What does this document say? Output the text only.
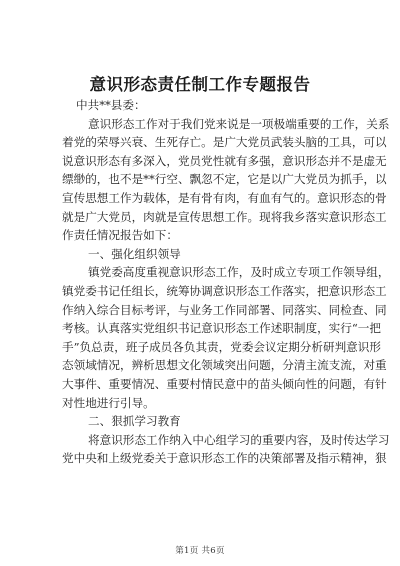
意识形态责任制工作专题报告
中共**县委：
意识形态工作对于我们党来说是一项极端重要的工作，关系
着党的荣辱兴衰、生死存亡。是广大党员武装头脑的工具，可以
说意识形态有多深入，党员党性就有多强，意识形态并不是虚无
缥缈的，也不是**行空、飘忽不定，它是以广大党员为抓手，以
宣传思想工作为载体，是有骨有肉，有血有气的。意识形态的骨
就是广大党员，肉就是宣传思想工作。现将我乡落实意识形态工
作责任情况报告如下：
一、强化组织领导
镇党委高度重视意识形态工作，及时成立专项工作领导组，
镇党委书记任组长，统筹协调意识形态工作落实，把意识形态工
作纳入综合目标考评，与业务工作同部署、同落实、同检查、同
考核。认真落实党组织书记意识形态工作述职制度，实行“一把
手”负总责，班子成员各负其责，党委会议定期分析研判意识形
态领域情况，辨析思想文化领域突出问题，分清主流支流，对重
大事件、重要情况、重要村情民意中的苗头倾向性的问题，有针
对性地进行引导。
二、狠抓学习教育
将意识形态工作纳入中心组学习的重要内容，及时传达学习
党中央和上级党委关于意识形态工作的决策部署及指示精神，狠
第1页 共6页
